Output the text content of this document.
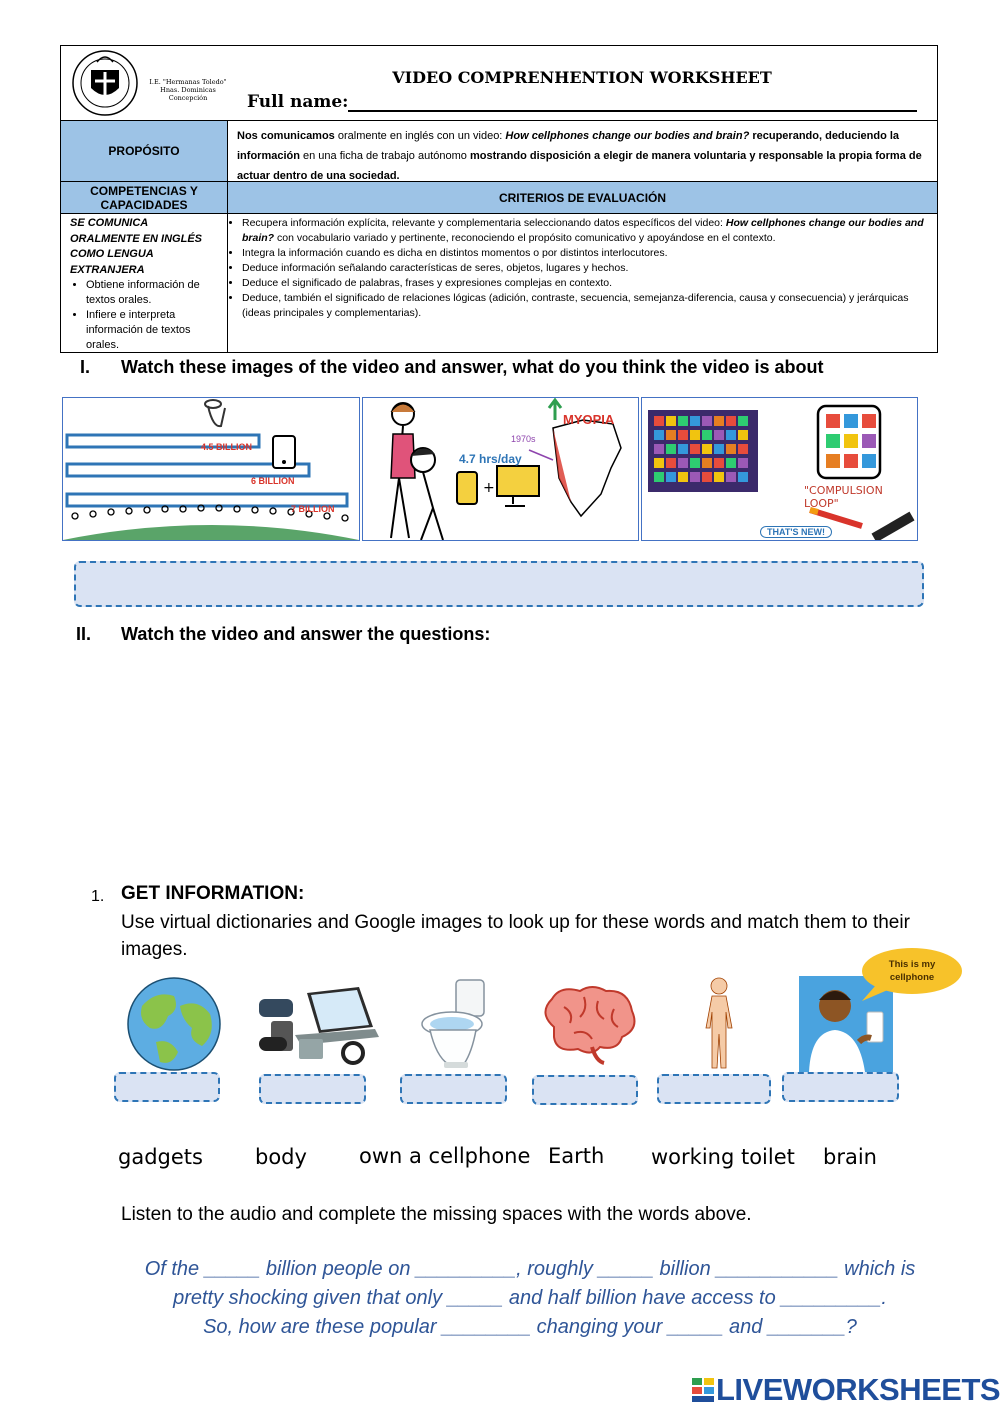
I.E. "Hermanas Toledo"
Hnas. Dominicas
Concepción
VIDEO COMPRENHENTION WORKSHEET
Full name:
PROPÓSITO
COMPETENCIAS Y CAPACIDADES	CRITERIOS DE EVALUACIÓN
Nos comunicamos oralmente en inglés con un video: How cellphones change our bodies and brain? recuperando, deduciendo la información en una ficha de trabajo autónomo mostrando disposición a elegir de manera voluntaria y responsable la propia forma de actuar dentro de una sociedad.
SE COMUNICA ORALMENTE EN INGLÉS COMO LENGUA EXTRANJERA
• Obtiene información de textos orales.
• Infiere e interpreta información de textos orales.
• Recupera información explícita, relevante y complementaria seleccionando datos específicos del video: How cellphones change our bodies and brain? con vocabulario variado y pertinente, reconociendo el propósito comunicativo y apoyándose en el contexto.
• Integra la información cuando es dicha en distintos momentos o por distintos interlocutores.
• Deduce información señalando características de seres, objetos, lugares y hechos.
• Deduce el significado de palabras, frases y expresiones complejas en contexto.
• Deduce, también el significado de relaciones lógicas (adición, contraste, secuencia, semejanza-diferencia, causa y consecuencia) y jerárquicas (ideas principales y complementarias).
I. Watch these images of the video and answer, what do you think the video is about
4.5 BILLION
6 BILLION
7 BILLION
+
4.7 hrs/day
1970s
MYOPIA
"COMPULSION LOOP"
THAT'S NEW!
II. Watch the video and answer the questions:
1. GET INFORMATION:
Use virtual dictionaries and Google images to look up for these words and match them to their images.
This is my cellphone
gadgets body own a cellphone Earth working toilet brain
Listen to the audio and complete the missing spaces with the words above.
Of the _____ billion people on _________, roughly _____ billion ___________ which is
pretty shocking given that only _____ and half billion have access to _________.
So, how are these popular ________ changing your _____ and _______?
LIVEWORKSHEETS
